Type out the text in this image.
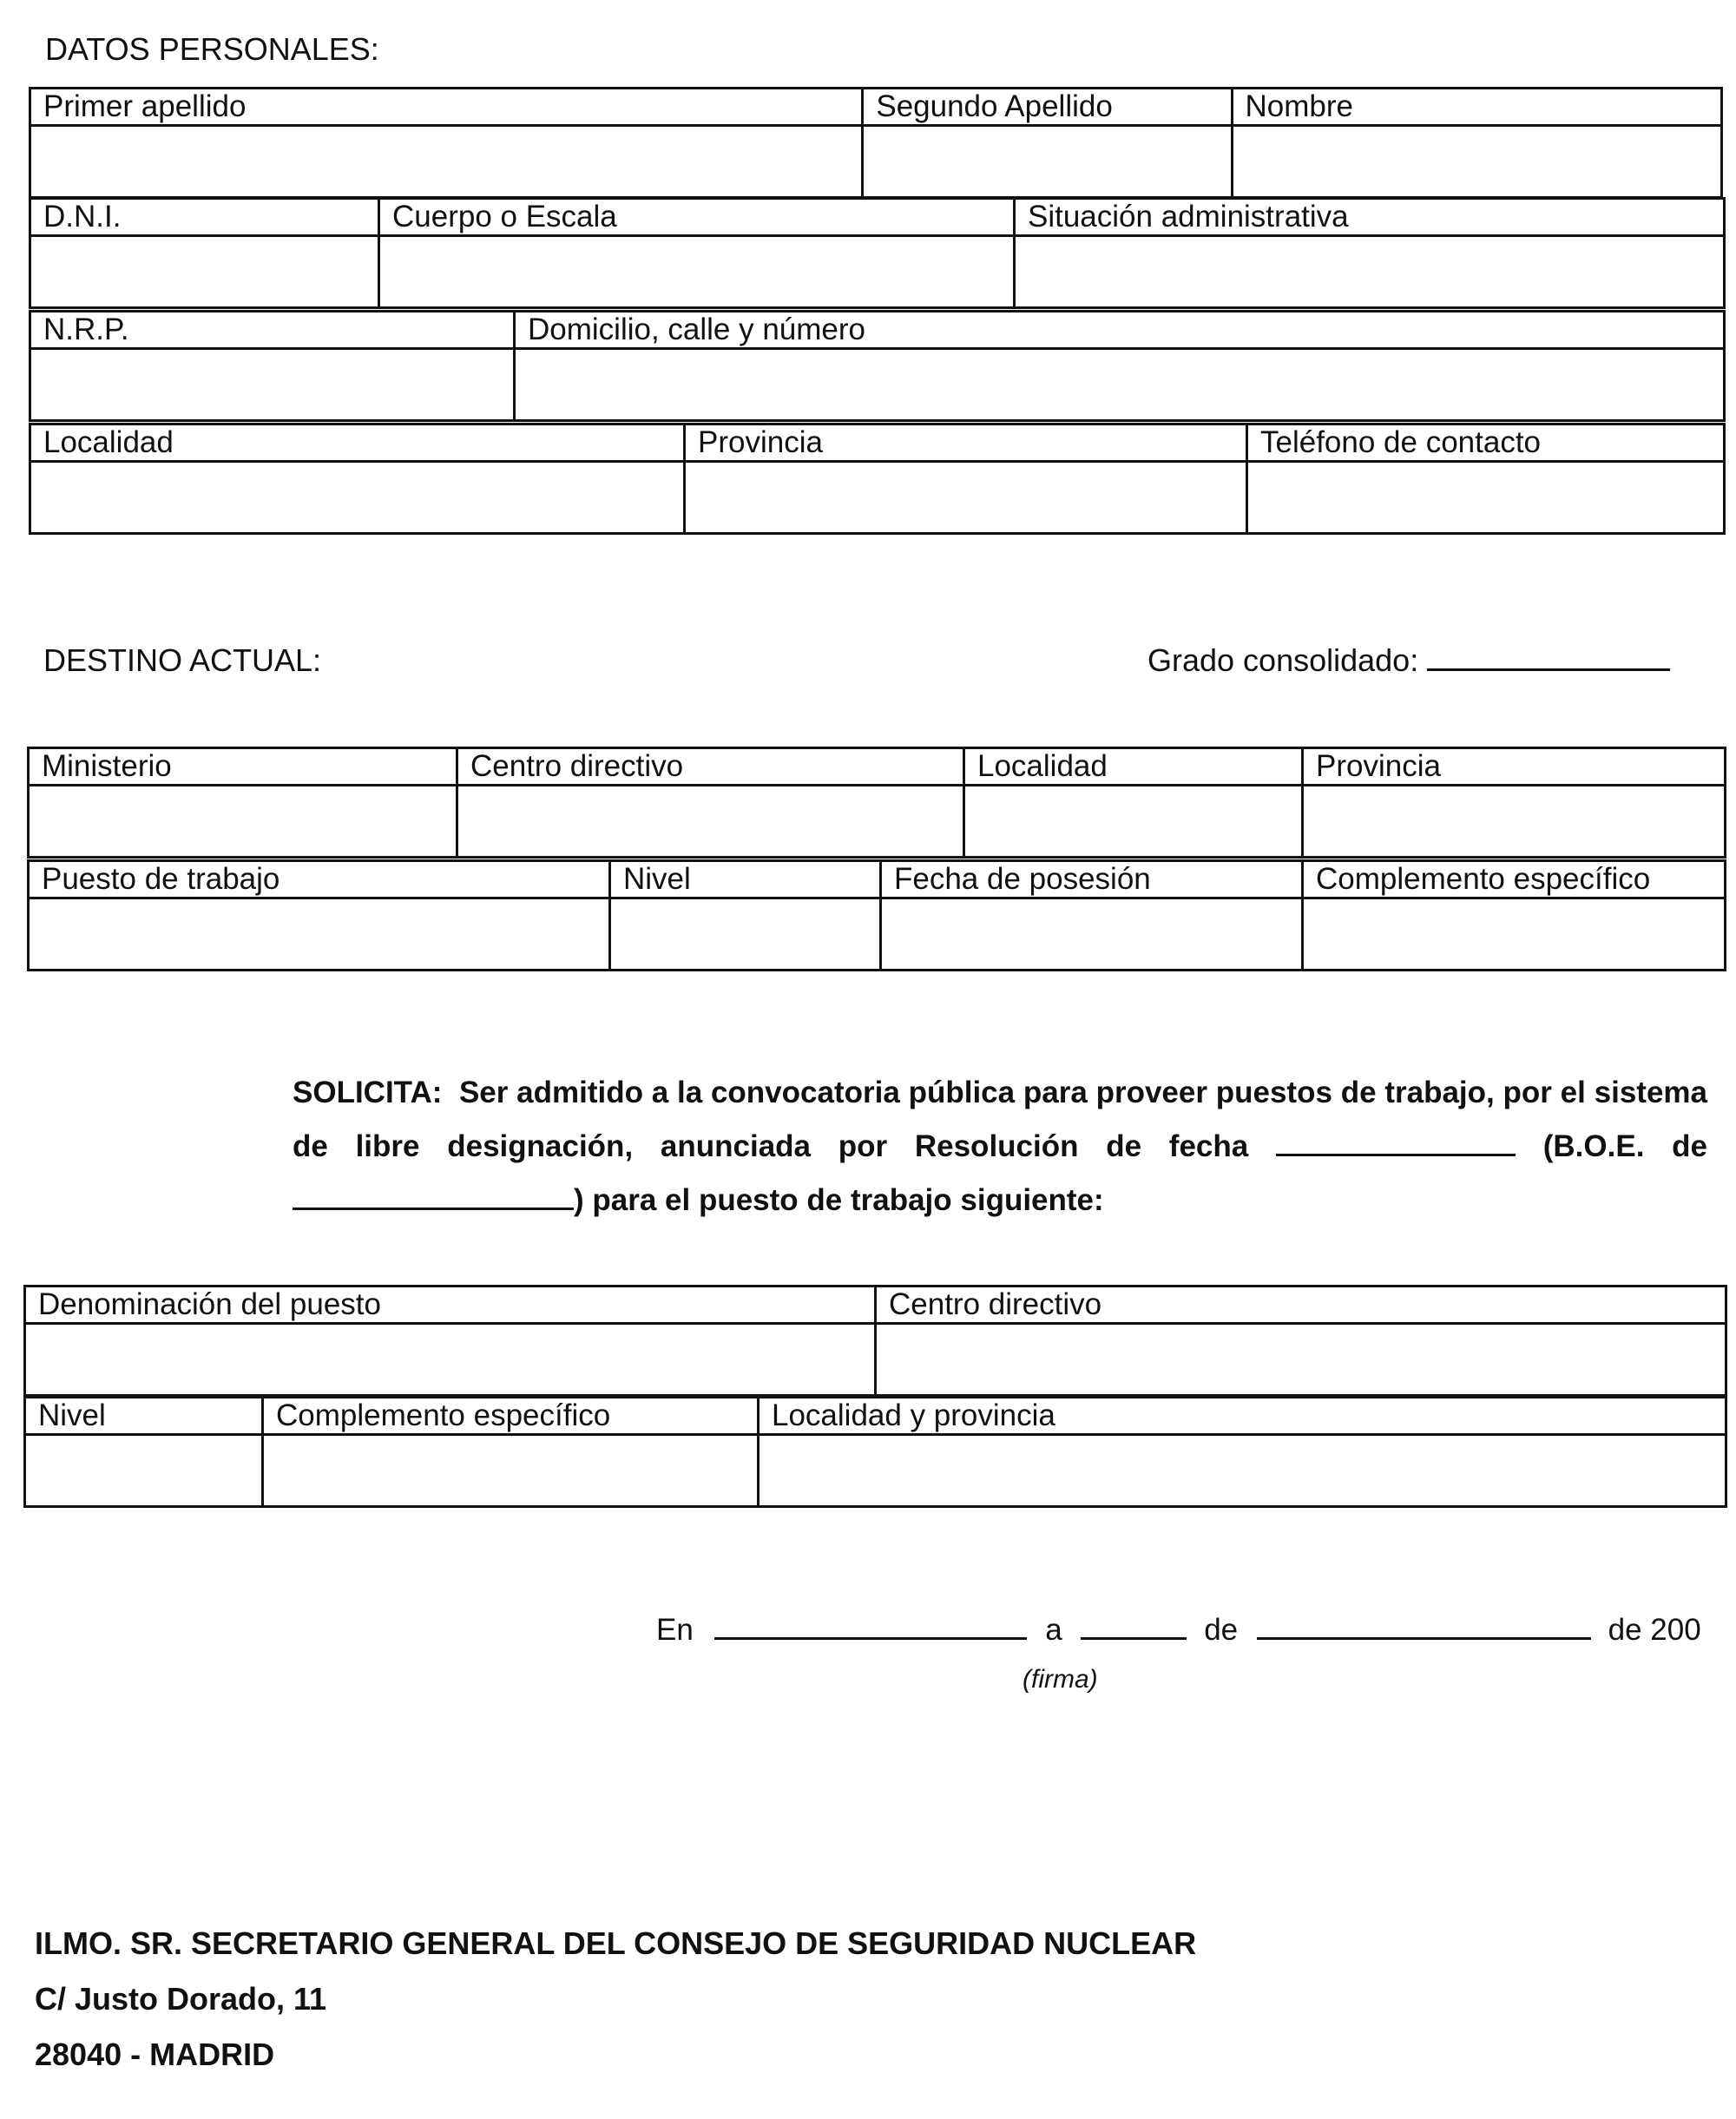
DATOS PERSONALES:
Primer apellido	Segundo Apellido	Nombre

D.N.I.	Cuerpo o Escala	Situación administrativa

N.R.P.	Domicilio, calle y número

Localidad	Provincia	Teléfono de contacto

DESTINO ACTUAL:	Grado consolidado:
Ministerio	Centro directivo	Localidad	Provincia

Puesto de trabajo	Nivel	Fecha de posesión	Complemento específico

SOLICITA: Ser admitido a la convocatoria pública para proveer puestos de trabajo, por el sistema de libre designación, anunciada por Resolución de fecha	(B.O.E. de ) para el puesto de trabajo siguiente:
Denominación del puesto	Centro directivo

Nivel	Complemento específico	Localidad y provincia

En	a	de	de 200
(firma)
ILMO. SR. SECRETARIO GENERAL DEL CONSEJO DE SEGURIDAD NUCLEAR
C/ Justo Dorado, 11
28040 - MADRID
